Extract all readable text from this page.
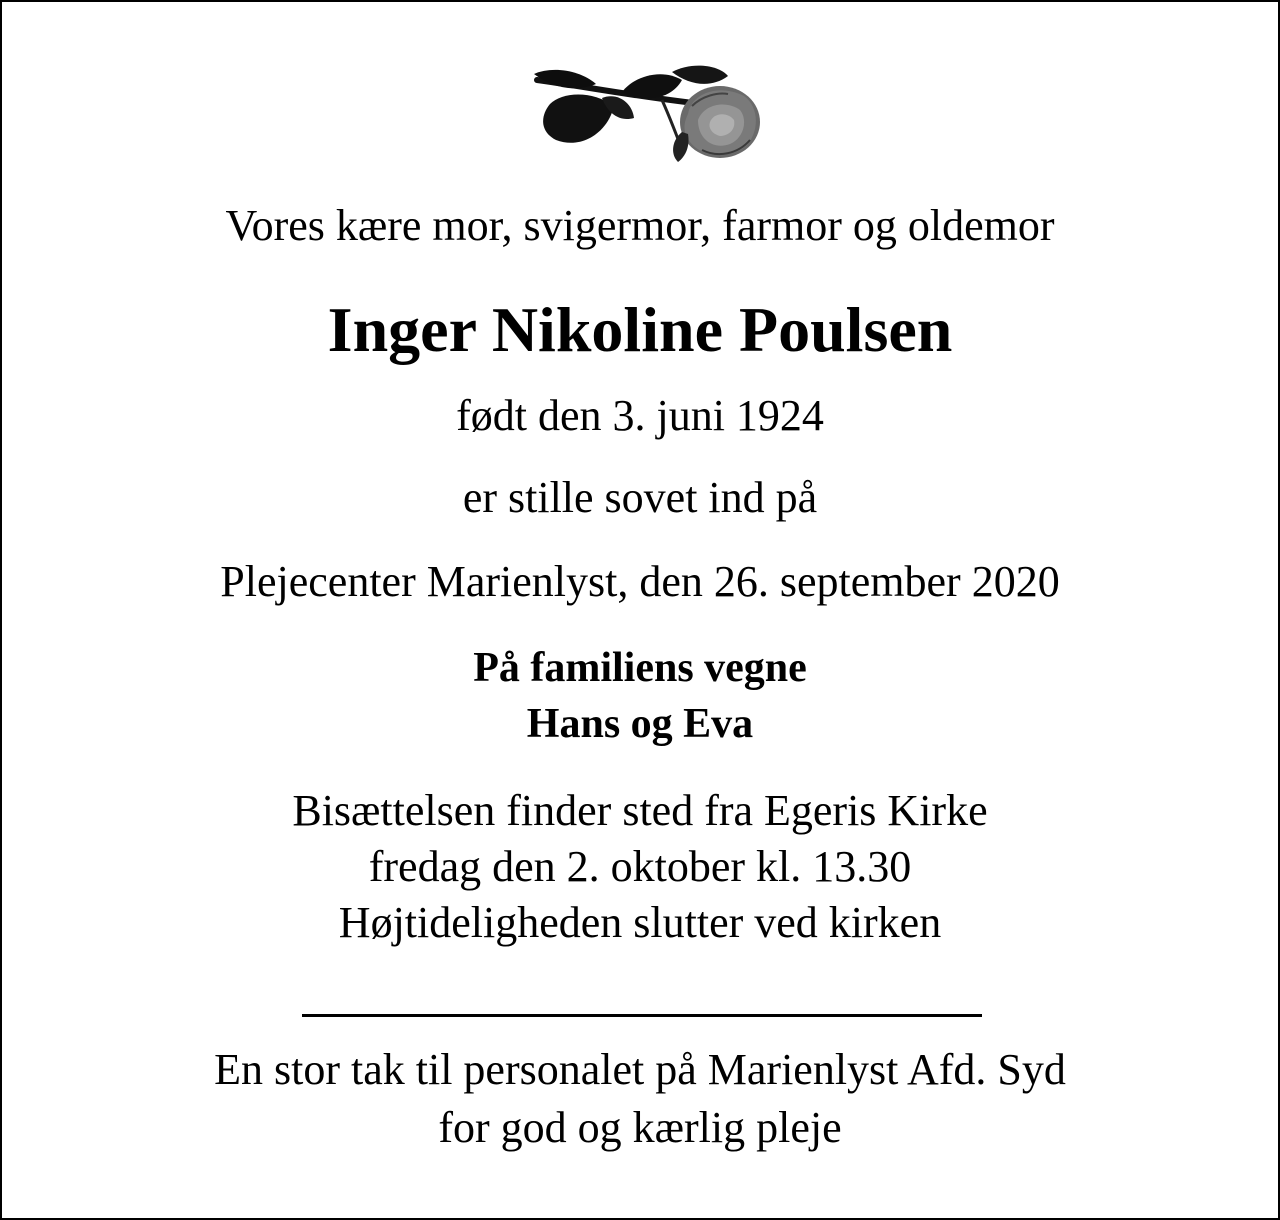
Vores kære mor, svigermor, farmor og oldemor

Inger Nikoline Poulsen

født den 3. juni 1924

er stille sovet ind på

Plejecenter Marienlyst, den 26. september 2020

På familiens vegne

Hans og Eva

Bisættelsen finder sted fra Egeris Kirke

fredag den 2. oktober kl. 13.30

Højtideligheden slutter ved kirken

En stor tak til personalet på Marienlyst Afd. Syd

for god og kærlig pleje
